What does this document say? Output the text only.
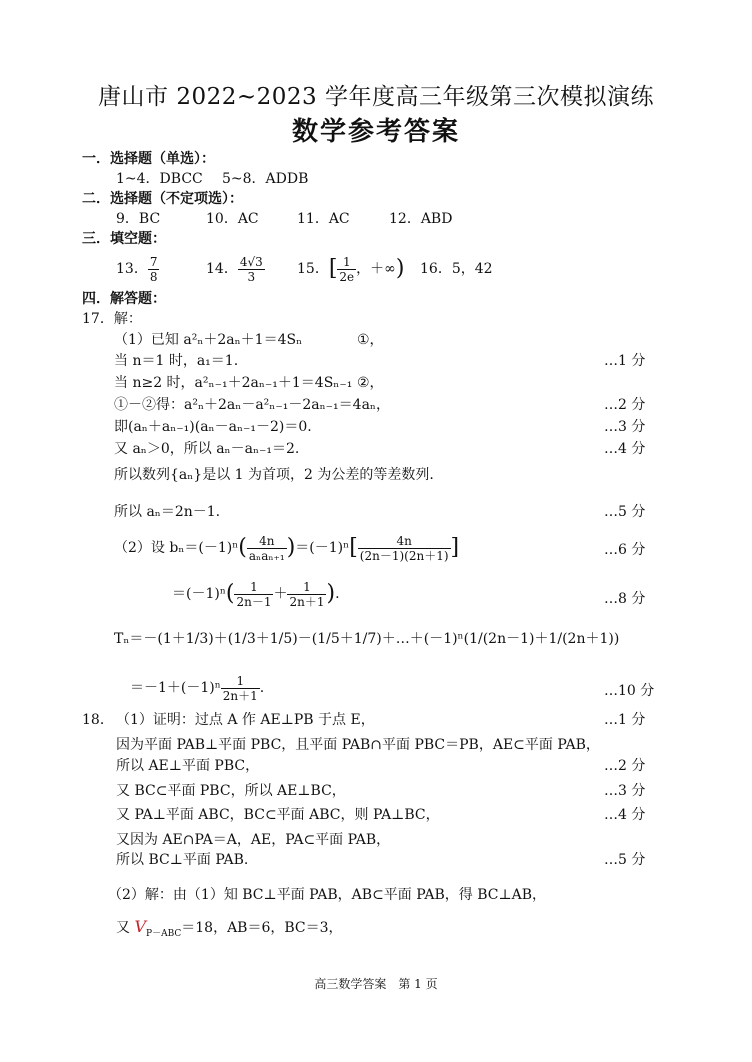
唐山市 2022~2023 学年度高三年级第三次模拟演练
数学参考答案
一．选择题（单选）：
1~4．DBCC 5~8．ADDB
二．选择题（不定项选）：
9．BC	10．AC	11．AC	12．ABD
三．填空题：
13． $\frac{7}{8}$	14． $\frac{4√3}{3} 15$．[ $\frac{1}{2e}$ ，＋∞) 16．5，42
四．解答题：
17．解：
（1）已知 a²ₙ＋2aₙ＋1＝4Sₙ	①，
当 n＝1 时，a₁＝1.	…1 分
当 n≥2 时，a²ₙ₋₁＋2aₙ₋₁＋1＝4Sₙ₋₁ ②，
①－②得：a²ₙ＋2aₙ－a²ₙ₋₁－2aₙ₋₁＝4aₙ，	…2 分
即(aₙ＋aₙ₋₁)(aₙ－aₙ₋₁－2)＝0.	…3 分
又 aₙ＞0，所以 aₙ－aₙ₋₁＝2.	…4 分
所以数列{aₙ}是以 1 为首项，2 为公差的等差数列.
所以 aₙ＝2n－1.	…5 分
（2）设 $b_n=(-1)^n( \frac{4n}{\text{aₙaₙ₊₁}} )=(-1)^n[ \frac{4n}{(2n-1)(2n+1)}$ ]	…6 分
$=(-1)^n( \frac{1}{2n-1} + \frac{1}{2n+1}$ ).	…8 分
Tₙ＝－(1＋1/3)＋(1/3＋1/5)－(1/5＋1/7)＋…＋(－1)ⁿ(1/(2n－1)＋1/(2n＋1))
$=-1+(-1)^n \frac{1}{2n+1}$ .	…10 分
18． （1）证明：过点 A 作 AE⊥PB 于点 E，	…1 分
因为平面 PAB⊥平面 PBC，且平面 PAB∩平面 PBC＝PB，AE⊂平面 PAB，
所以 AE⊥平面 PBC，	…2 分
又 BC⊂平面 PBC，所以 AE⊥BC，	…3 分
又 PA⊥平面 ABC，BC⊂平面 ABC，则 PA⊥BC，	…4 分
又因为 AE∩PA＝A，AE，PA⊂平面 PAB，
所以 BC⊥平面 PAB.	…5 分
（2）解：由（1）知 BC⊥平面 PAB，AB⊂平面 PAB，得 BC⊥AB，
又 $V_{P-ABC}=18$，AB＝6，BC＝3，
高三数学答案　第 1 页
